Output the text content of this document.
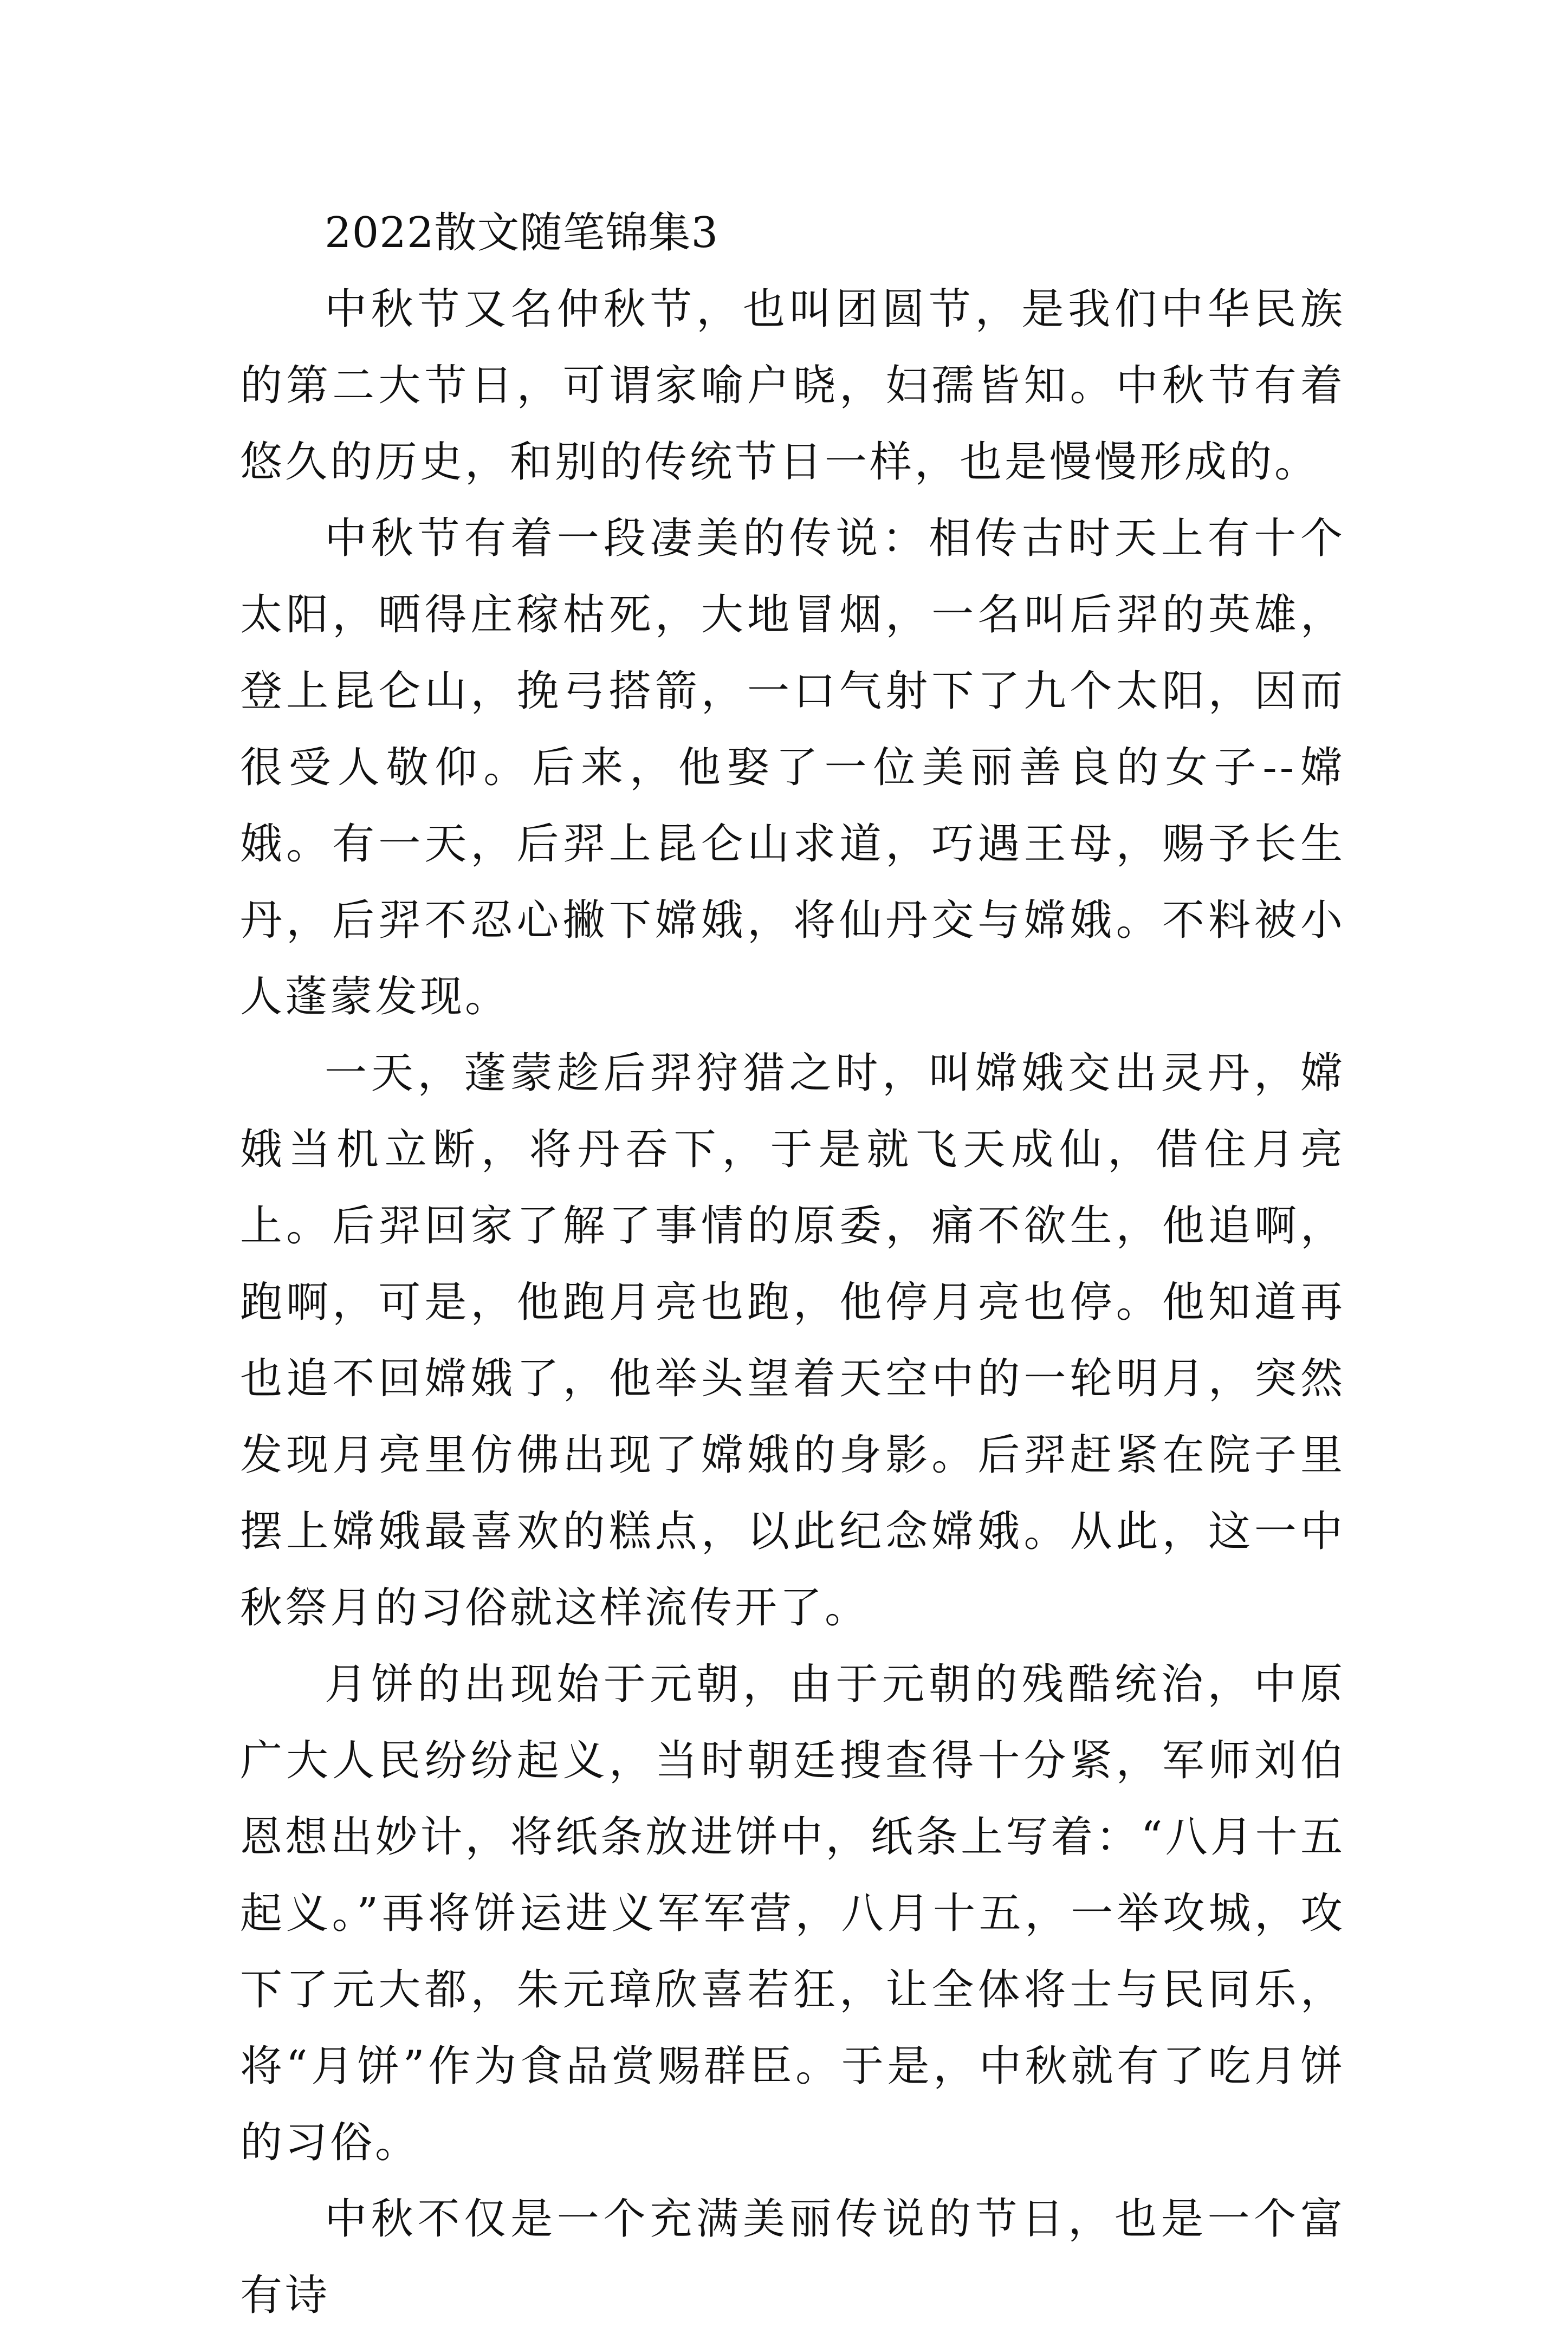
2022散文随笔锦集3

中秋节又名仲秋节，也叫团圆节，是我们中华民族的第二大节日，可谓家喻户晓，妇孺皆知。中秋节有着悠久的历史，和别的传统节日一样，也是慢慢形成的。

中秋节有着一段凄美的传说：相传古时天上有十个太阳，晒得庄稼枯死，大地冒烟，一名叫后羿的英雄，登上昆仑山，挽弓搭箭，一口气射下了九个太阳，因而很受人敬仰。后来，他娶了一位美丽善良的女子--嫦娥。有一天，后羿上昆仑山求道，巧遇王母，赐予长生丹，后羿不忍心撇下嫦娥，将仙丹交与嫦娥。不料被小人蓬蒙发现。

一天，蓬蒙趁后羿狩猎之时，叫嫦娥交出灵丹，嫦娥当机立断，将丹吞下，于是就飞天成仙，借住月亮上。后羿回家了解了事情的原委，痛不欲生，他追啊，跑啊，可是，他跑月亮也跑，他停月亮也停。他知道再也追不回嫦娥了，他举头望着天空中的一轮明月，突然发现月亮里仿佛出现了嫦娥的身影。后羿赶紧在院子里摆上嫦娥最喜欢的糕点，以此纪念嫦娥。从此，这一中秋祭月的习俗就这样流传开了。

月饼的出现始于元朝，由于元朝的残酷统治，中原广大人民纷纷起义，当时朝廷搜查得十分紧，军师刘伯恩想出妙计，将纸条放进饼中，纸条上写着：“八月十五起义。”再将饼运进义军军营，八月十五，一举攻城，攻下了元大都，朱元璋欣喜若狂，让全体将士与民同乐，将“月饼”作为食品赏赐群臣。于是，中秋就有了吃月饼的习俗。

中秋不仅是一个充满美丽传说的节日，也是一个富有诗
